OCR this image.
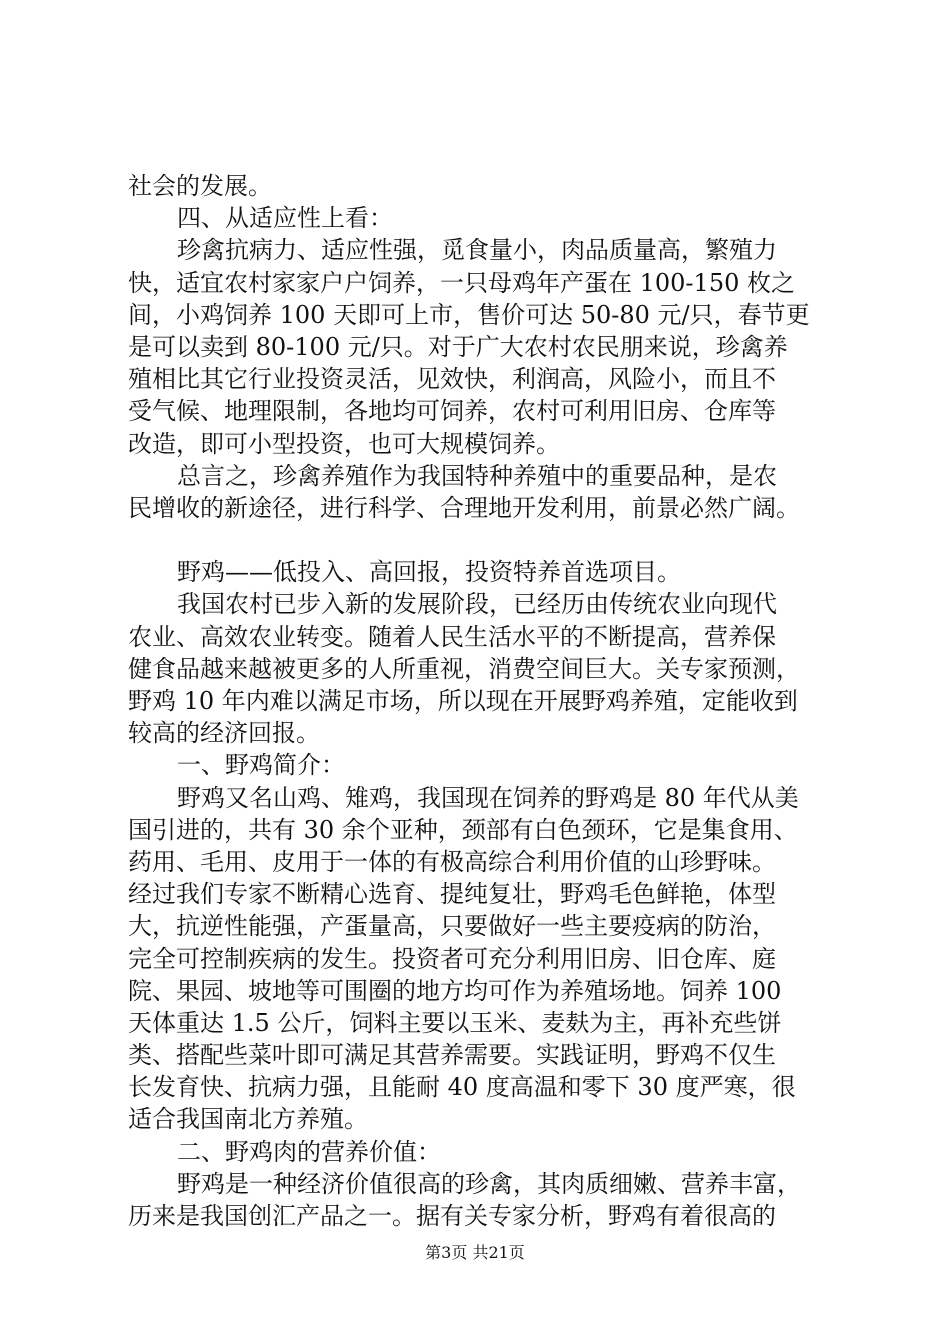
社会的发展。

四、从适应性上看：

珍禽抗病力、适应性强，觅食量小，肉品质量高，繁殖力

快，适宜农村家家户户饲养，一只母鸡年产蛋在 100-150 枚之

间，小鸡饲养 100 天即可上市，售价可达 50-80 元/只，春节更

是可以卖到 80-100 元/只。对于广大农村农民朋来说，珍禽养

殖相比其它行业投资灵活，见效快，利润高，风险小，而且不

受气候、地理限制，各地均可饲养，农村可利用旧房、仓库等

改造，即可小型投资，也可大规模饲养。

总言之，珍禽养殖作为我国特种养殖中的重要品种，是农

民增收的新途径，进行科学、合理地开发利用，前景必然广阔。

野鸡——低投入、高回报，投资特养首选项目。

我国农村已步入新的发展阶段，已经历由传统农业向现代

农业、高效农业转变。随着人民生活水平的不断提高，营养保

健食品越来越被更多的人所重视，消费空间巨大。关专家预测，

野鸡 10 年内难以满足市场，所以现在开展野鸡养殖，定能收到

较高的经济回报。

一、野鸡简介：

野鸡又名山鸡、雉鸡，我国现在饲养的野鸡是 80 年代从美

国引进的，共有 30 余个亚种，颈部有白色颈环，它是集食用、

药用、毛用、皮用于一体的有极高综合利用价值的山珍野味。

经过我们专家不断精心选育、提纯复壮，野鸡毛色鲜艳，体型

大，抗逆性能强，产蛋量高，只要做好一些主要疫病的防治，

完全可控制疾病的发生。投资者可充分利用旧房、旧仓库、庭

院、果园、坡地等可围圈的地方均可作为养殖场地。饲养 100

天体重达 1.5 公斤，饲料主要以玉米、麦麸为主，再补充些饼

类、搭配些菜叶即可满足其营养需要。实践证明，野鸡不仅生

长发育快、抗病力强，且能耐 40 度高温和零下 30 度严寒，很

适合我国南北方养殖。

二、野鸡肉的营养价值：

野鸡是一种经济价值很高的珍禽，其肉质细嫩、营养丰富，

历来是我国创汇产品之一。据有关专家分析，野鸡有着很高的

第3页 共21页
